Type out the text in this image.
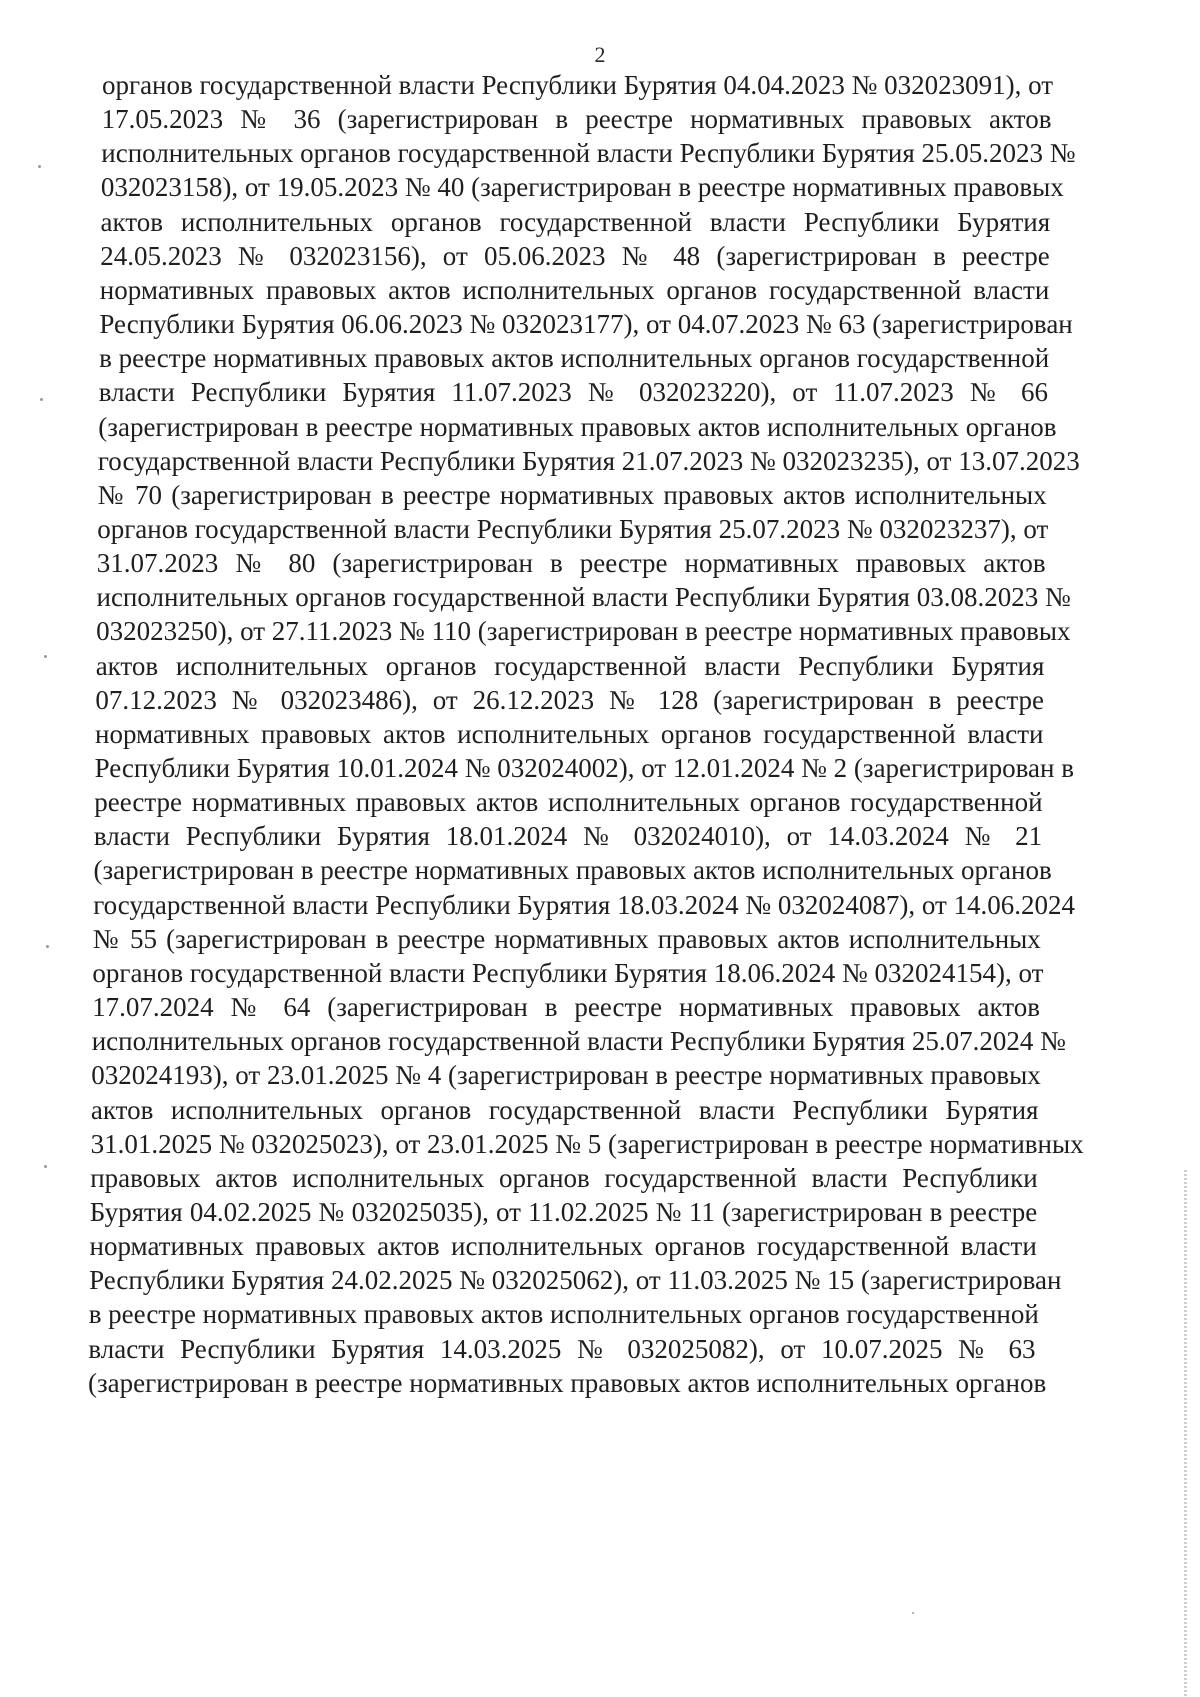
2
органов государственной власти Республики Бурятия 04.04.2023 № 032023091), от
17.05.2023 № 36 (зарегистрирован в реестре нормативных правовых актов
исполнительных органов государственной власти Республики Бурятия 25.05.2023 №
032023158), от 19.05.2023 № 40 (зарегистрирован в реестре нормативных правовых
актов исполнительных органов государственной власти Республики Бурятия
24.05.2023 № 032023156), от 05.06.2023 № 48 (зарегистрирован в реестре
нормативных правовых актов исполнительных органов государственной власти
Республики Бурятия 06.06.2023 № 032023177), от 04.07.2023 № 63 (зарегистрирован
в реестре нормативных правовых актов исполнительных органов государственной
власти Республики Бурятия 11.07.2023 № 032023220), от 11.07.2023 № 66
(зарегистрирован в реестре нормативных правовых актов исполнительных органов
государственной власти Республики Бурятия 21.07.2023 № 032023235), от 13.07.2023
№ 70 (зарегистрирован в реестре нормативных правовых актов исполнительных
органов государственной власти Республики Бурятия 25.07.2023 № 032023237), от
31.07.2023 № 80 (зарегистрирован в реестре нормативных правовых актов
исполнительных органов государственной власти Республики Бурятия 03.08.2023 №
032023250), от 27.11.2023 № 110 (зарегистрирован в реестре нормативных правовых
актов исполнительных органов государственной власти Республики Бурятия
07.12.2023 № 032023486), от 26.12.2023 № 128 (зарегистрирован в реестре
нормативных правовых актов исполнительных органов государственной власти
Республики Бурятия 10.01.2024 № 032024002), от 12.01.2024 № 2 (зарегистрирован в
реестре нормативных правовых актов исполнительных органов государственной
власти Республики Бурятия 18.01.2024 № 032024010), от 14.03.2024 № 21
(зарегистрирован в реестре нормативных правовых актов исполнительных органов
государственной власти Республики Бурятия 18.03.2024 № 032024087), от 14.06.2024
№ 55 (зарегистрирован в реестре нормативных правовых актов исполнительных
органов государственной власти Республики Бурятия 18.06.2024 № 032024154), от
17.07.2024 № 64 (зарегистрирован в реестре нормативных правовых актов
исполнительных органов государственной власти Республики Бурятия 25.07.2024 №
032024193), от 23.01.2025 № 4 (зарегистрирован в реестре нормативных правовых
актов исполнительных органов государственной власти Республики Бурятия
31.01.2025 № 032025023), от 23.01.2025 № 5 (зарегистрирован в реестре нормативных
правовых актов исполнительных органов государственной власти Республики
Бурятия 04.02.2025 № 032025035), от 11.02.2025 № 11 (зарегистрирован в реестре
нормативных правовых актов исполнительных органов государственной власти
Республики Бурятия 24.02.2025 № 032025062), от 11.03.2025 № 15 (зарегистрирован
в реестре нормативных правовых актов исполнительных органов государственной
власти Республики Бурятия 14.03.2025 № 032025082), от 10.07.2025 № 63
(зарегистрирован в реестре нормативных правовых актов исполнительных органов
